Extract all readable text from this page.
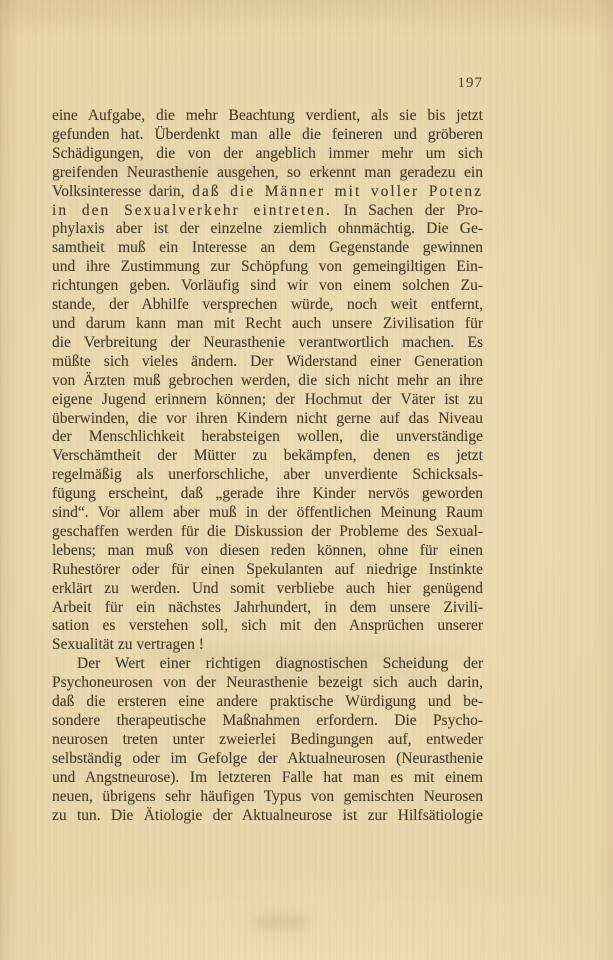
197
eine Aufgabe, die mehr Beachtung verdient, als sie bis jetzt
gefunden hat. Überdenkt man alle die feineren und gröberen
Schädigungen, die von der angeblich immer mehr um sich
greifenden Neurasthenie ausgehen, so erkennt man geradezu ein
Volksinteresse darin, daß die Männer mit voller Potenz
in den Sexualverkehr eintreten. In Sachen der Pro-
phylaxis aber ist der einzelne ziemlich ohnmächtig. Die Ge-
samtheit muß ein Interesse an dem Gegenstande gewinnen
und ihre Zustimmung zur Schöpfung von gemeingiltigen Ein-
richtungen geben. Vorläufig sind wir von einem solchen Zu-
stande, der Abhilfe versprechen würde, noch weit entfernt,
und darum kann man mit Recht auch unsere Zivilisation für
die Verbreitung der Neurasthenie verantwortlich machen. Es
müßte sich vieles ändern. Der Widerstand einer Generation
von Ärzten muß gebrochen werden, die sich nicht mehr an ihre
eigene Jugend erinnern können; der Hochmut der Väter ist zu
überwinden, die vor ihren Kindern nicht gerne auf das Niveau
der Menschlichkeit herabsteigen wollen, die unverständige
Verschämtheit der Mütter zu bekämpfen, denen es jetzt
regelmäßig als unerforschliche, aber unverdiente Schicksals-
fügung erscheint, daß „gerade ihre Kinder nervös geworden
sind“. Vor allem aber muß in der öffentlichen Meinung Raum
geschaffen werden für die Diskussion der Probleme des Sexual-
lebens; man muß von diesen reden können, ohne für einen
Ruhestörer oder für einen Spekulanten auf niedrige Instinkte
erklärt zu werden. Und somit verbliebe auch hier genügend
Arbeit für ein nächstes Jahrhundert, in dem unsere Zivili-
sation es verstehen soll, sich mit den Ansprüchen unserer
Sexualität zu vertragen !
Der Wert einer richtigen diagnostischen Scheidung der
Psychoneurosen von der Neurasthenie bezeigt sich auch darin,
daß die ersteren eine andere praktische Würdigung und be-
sondere therapeutische Maßnahmen erfordern. Die Psycho-
neurosen treten unter zweierlei Bedingungen auf, entweder
selbständig oder im Gefolge der Aktualneurosen (Neurasthenie
und Angstneurose). Im letzteren Falle hat man es mit einem
neuen, übrigens sehr häufigen Typus von gemischten Neurosen
zu tun. Die Ätiologie der Aktualneurose ist zur Hilfsätiologie
